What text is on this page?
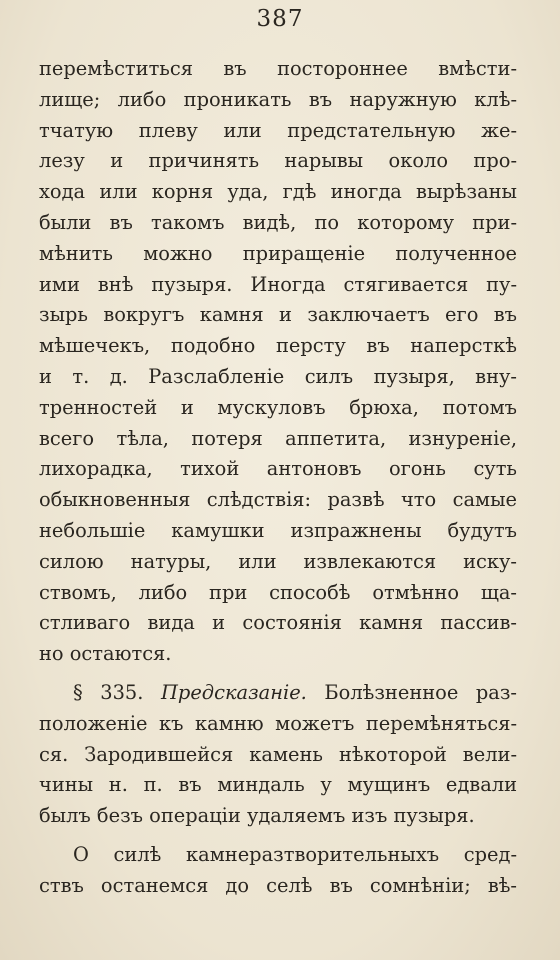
387
перемѣститься въ постороннее вмѣсти-
лище; либо проникать въ наружную клѣ-
тчатую плеву или предстательную же-
лезу и причинять нарывы около про-
хода или корня уда, гдѣ иногда вырѣзаны
были въ такомъ видѣ, по которому при-
мѣнить можно приращеніе полученное
ими внѣ пузыря. Иногда стягивается пу-
зырь вокругъ камня и заключаетъ его въ
мѣшечекъ, подобно персту въ наперсткѣ
и т. д. Разслабленіе силъ пузыря, вну-
тренностей и мускуловъ брюха, потомъ
всего тѣла, потеря аппетита, изнуреніе,
лихорадка, тихой антоновъ огонь суть
обыкновенныя слѣдствія: развѣ что самые
небольшіе камушки изпражнены будутъ
силою натуры, или извлекаются иску-
ствомъ, либо при способѣ отмѣнно ща-
стливаго вида и состоянія камня пассив-
но остаются.
§ 335. Предсказаніе. Болѣзненное раз-
положеніе къ камню можетъ перемѣняться-
ся. Зародившейся камень нѣкоторой вели-
чины н. п. въ миндаль у мущинъ едвали
былъ безъ операціи удаляемъ изъ пузыря.
О силѣ камнеразтворительныхъ сред-
ствъ останемся до селѣ въ сомнѣніи; вѣ-
